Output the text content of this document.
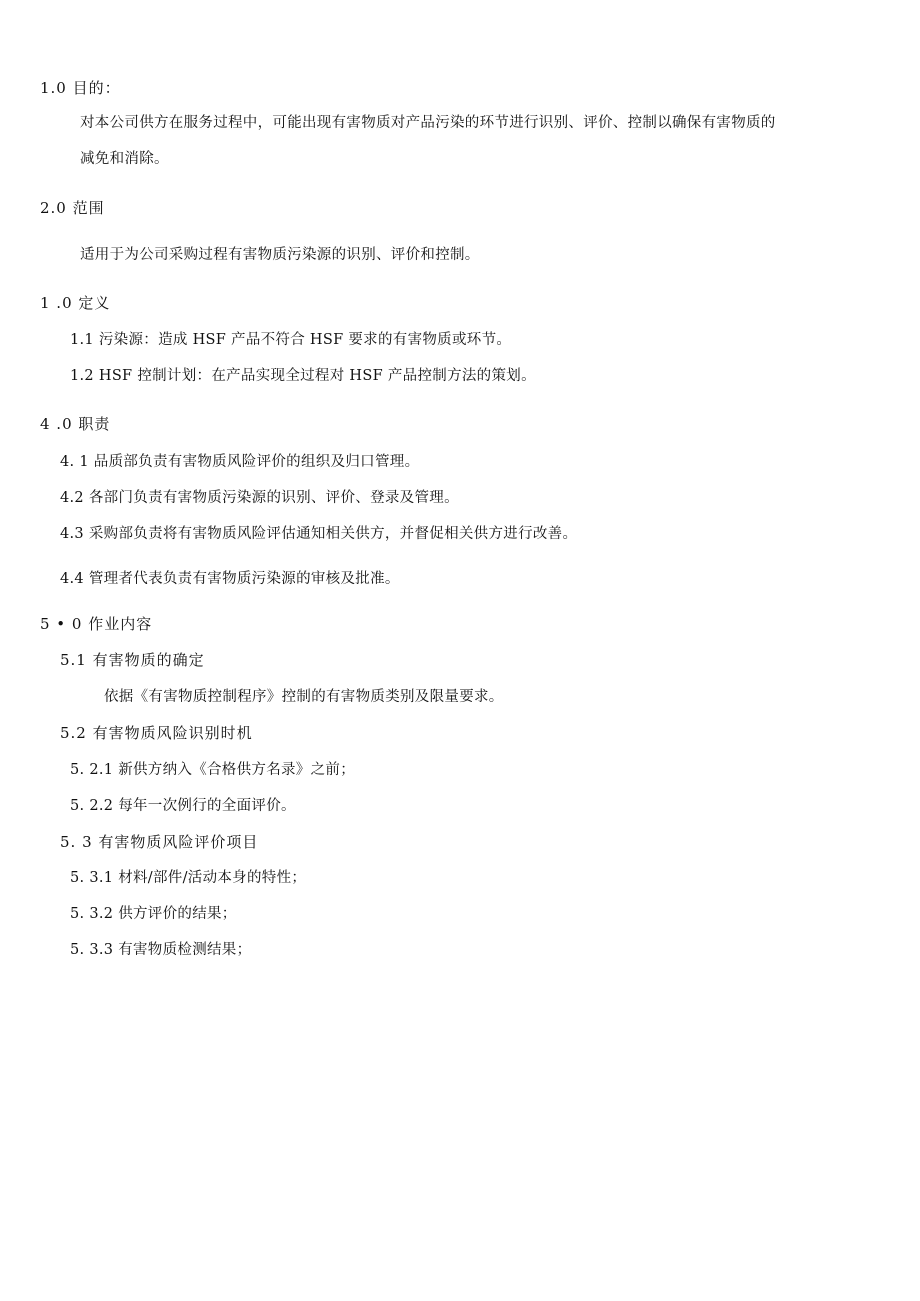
1.0 目的：
对本公司供方在服务过程中，可能出现有害物质对产品污染的环节进行识别、评价、控制以确保有害物质的
减免和消除。
2.0 范围
适用于为公司采购过程有害物质污染源的识别、评价和控制。
1 .0 定义
1.1 污染源：造成 HSF 产品不符合 HSF 要求的有害物质或环节。
1.2 HSF 控制计划：在产品实现全过程对 HSF 产品控制方法的策划。
4 .0 职责
4. 1 品质部负责有害物质风险评价的组织及归口管理。
4.2 各部门负责有害物质污染源的识别、评价、登录及管理。
4.3 采购部负责将有害物质风险评估通知相关供方，并督促相关供方进行改善。
4.4 管理者代表负责有害物质污染源的审核及批准。
5 • 0 作业内容
5.1 有害物质的确定
依据《有害物质控制程序》控制的有害物质类别及限量要求。
5.2 有害物质风险识别时机
5. 2.1 新供方纳入《合格供方名录》之前；
5. 2.2 每年一次例行的全面评价。
5. 3 有害物质风险评价项目
5. 3.1 材料/部件/活动本身的特性；
5. 3.2 供方评价的结果；
5. 3.3 有害物质检测结果；
